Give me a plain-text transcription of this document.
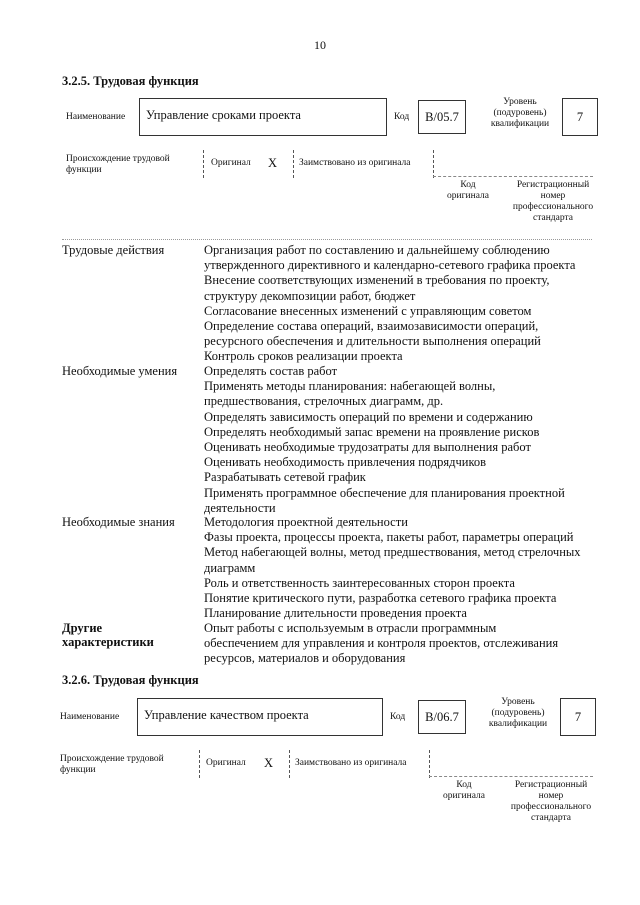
10
3.2.5. Трудовая функция
Наименование	Управление сроками проекта	Код B/05.7
Уровень
(подуровень)
квалификации
7
Происхождение трудовой
функции
Оригинал X Заимствовано из оригинала
Код
оригинала
Регистрационный
номер
профессионального
стандарта
Трудовые действия	Организация работ по составлению и дальнейшему соблюдению
утвержденного директивного и календарно-сетевого графика проекта
Внесение соответствующих изменений в требования по проекту,
структуру декомпозиции работ, бюджет
Согласование внесенных изменений с управляющим советом
Определение состава операций, взаимозависимости операций,
ресурсного обеспечения и длительности выполнения операций
Контроль сроков реализации проекта
Необходимые умения Определять состав работ
Применять методы планирования: набегающей волны,
предшествования, стрелочных диаграмм, др.
Определять зависимость операций по времени и содержанию
Определять необходимый запас времени на проявление рисков
Оценивать необходимые трудозатраты для выполнения работ
Оценивать необходимость привлечения подрядчиков
Разрабатывать сетевой график
Применять программное обеспечение для планирования проектной
деятельности
Необходимые знания Методология проектной деятельности
Фазы проекта, процессы проекта, пакеты работ, параметры операций
Метод набегающей волны, метод предшествования, метод стрелочных
диаграмм
Роль и ответственность заинтересованных сторон проекта
Понятие критического пути, разработка сетевого графика проекта
Планирование длительности проведения проекта
Другие
характеристики
Опыт работы с используемым в отрасли программным
обеспечением для управления и контроля проектов, отслеживания
ресурсов, материалов и оборудования
3.2.6. Трудовая функция
Наименование	Управление качеством проекта	Код B/06.7
Уровень
(подуровень)
квалификации
7
Происхождение трудовой
функции
Оригинал X Заимствовано из оригинала
Код
оригинала
Регистрационный
номер
профессионального
стандарта
